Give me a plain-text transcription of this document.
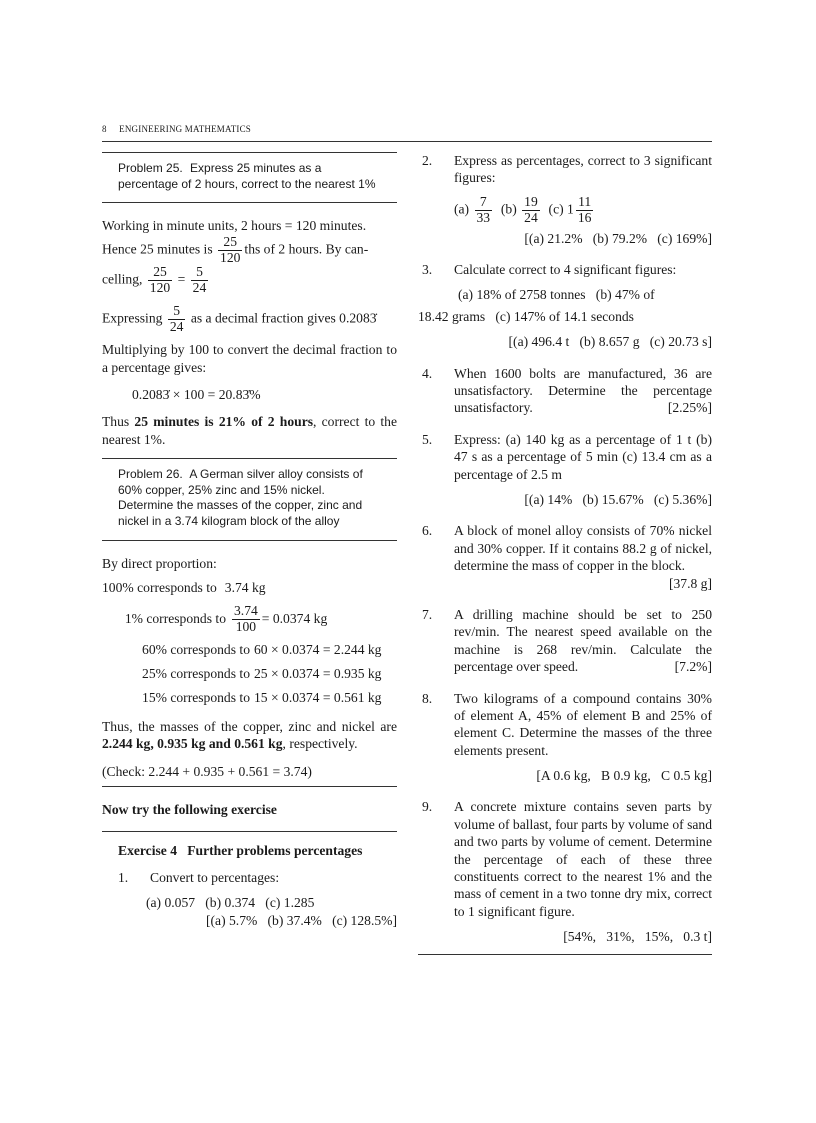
8 ENGINEERING MATHEMATICS
Problem 25. Express 25 minutes as a percentage of 2 hours, correct to the nearest 1%

Working in minute units, 2 hours = 120 minutes.

Hence 25 minutes is $\frac{25}{120}$ ths of 2 hours. By can-

celling, $\frac{25}{120} = \frac{5}{24}$

Expressing $\frac{5}{24}$ as a decimal fraction gives 0.2083̇

Multiplying by 100 to convert the decimal fraction to a percentage gives:

0.2083̇ × 100 = 20.83̇%

Thus 25 minutes is 21% of 2 hours, correct to the nearest 1%.

Problem 26. A German silver alloy consists of 60% copper, 25% zinc and 15% nickel. Determine the masses of the copper, zinc and nickel in a 3.74 kilogram block of the alloy

By direct proportion:

100% corresponds to 3.74 kg
1% corresponds to $\frac{3.74}{100} = 0.0374$ kg
60% corresponds to 60 × 0.0374 = 2.244 kg
25% corresponds to 25 × 0.0374 = 0.935 kg
15% corresponds to 15 × 0.0374 = 0.561 kg

Thus, the masses of the copper, zinc and nickel are 2.244 kg, 0.935 kg and 0.561 kg, respectively.

(Check: 2.244 + 0.935 + 0.561 = 3.74)

Now try the following exercise

Exercise 4   Further problems percentages

1.	Convert to percentages:

(a) 0.057   (b) 0.374   (c) 1.285

[(a) 5.7%   (b) 37.4%   (c) 128.5%]

2.	Express as percentages, correct to 3 significant figures:

$(a) \frac{7}{33} (b) \frac{19}{24} (c)$ $1 \frac{11}{16}$

[(a) 21.2%   (b) 79.2%   (c) 169%]

3.	Calculate correct to 4 significant figures:

(a) 18% of 2758 tonnes   (b) 47% of

18.42 grams   (c) 147% of 14.1 seconds

[(a) 496.4 t   (b) 8.657 g   (c) 20.73 s]

4.	When 1600 bolts are manufactured, 36 are unsatisfactory. Determine the percentage unsatisfactory.	[2.25%]
5.	Express: (a) 140 kg as a percentage of 1 t (b) 47 s as a percentage of 5 min (c) 13.4 cm as a percentage of 2.5 m

[(a) 14%   (b) 15.67%   (c) 5.36%]

6.	A block of monel alloy consists of 70% nickel and 30% copper. If it contains 88.2 g of nickel, determine the mass of copper in the block.
[37.8 g]
7.	A drilling machine should be set to 250 rev/min. The nearest speed available on the machine is 268 rev/min. Calculate the percentage over speed.	[7.2%]
8.	Two kilograms of a compound contains 30% of element A, 45% of element B and 25% of element C. Determine the masses of the three elements present.

[A 0.6 kg,   B 0.9 kg,   C 0.5 kg]

9.	A concrete mixture contains seven parts by volume of ballast, four parts by volume of sand and two parts by volume of cement. Determine the percentage of each of these three constituents correct to the nearest 1% and the mass of cement in a two tonne dry mix, correct to 1 significant figure.

[54%,   31%,   15%,   0.3 t]
